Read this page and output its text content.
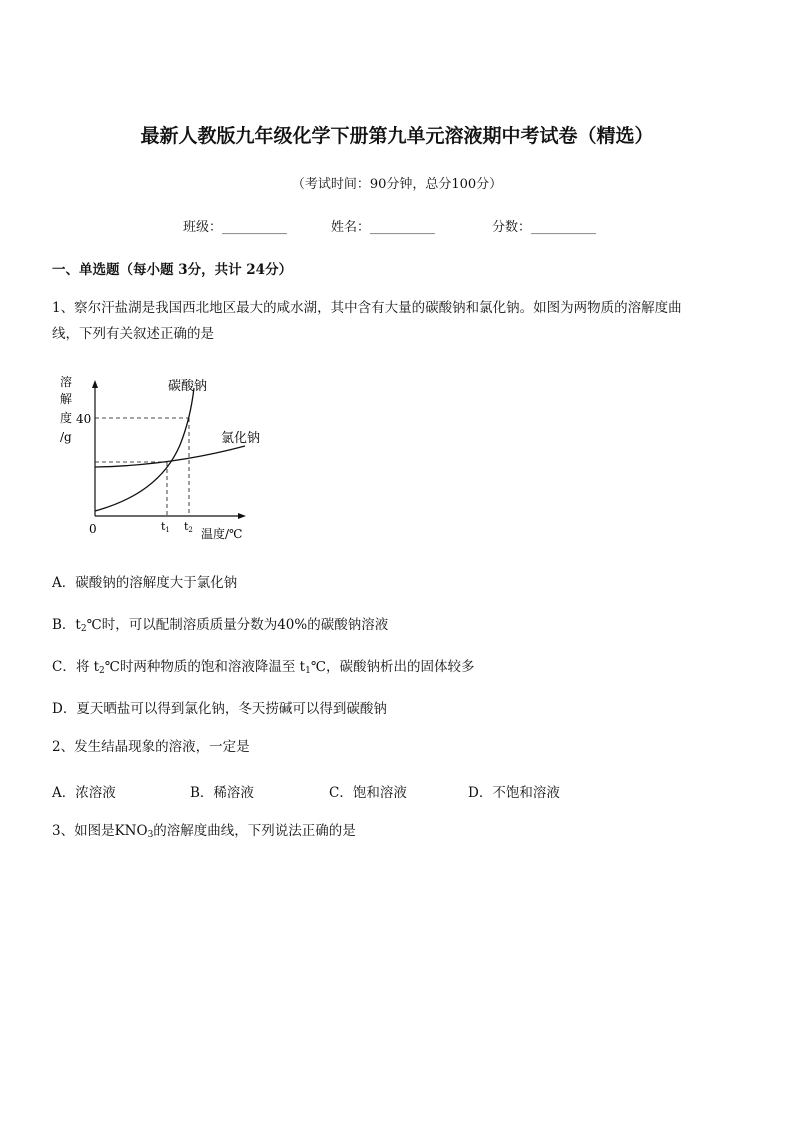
最新人教版九年级化学下册第九单元溶液期中考试卷（精选）
（考试时间：90分钟，总分100分）
班级：__________	姓名：__________	分数：__________
一、单选题（每小题 3分，共计 24分）
1、察尔汗盐湖是我国西北地区最大的咸水湖，其中含有大量的碳酸钠和氯化钠。如图为两物质的溶解度曲
线，下列有关叙述正确的是
溶
解
度
/g
0
40
t1 t2 温度/℃
碳酸钠
氯化钠
A．碳酸钠的溶解度大于氯化钠
B．$t_2℃$时，可以配制溶质质量分数为40%的碳酸钠溶液
C．将 $t_2℃$时两种物质的饱和溶液降温至 $t_1℃$，碳酸钠析出的固体较多
D．夏天晒盐可以得到氯化钠，冬天捞碱可以得到碳酸钠
2、发生结晶现象的溶液，一定是
A．浓溶液	B．稀溶液	C．饱和溶液	D．不饱和溶液
3、如图是$KNO_3$的溶解度曲线，下列说法正确的是
